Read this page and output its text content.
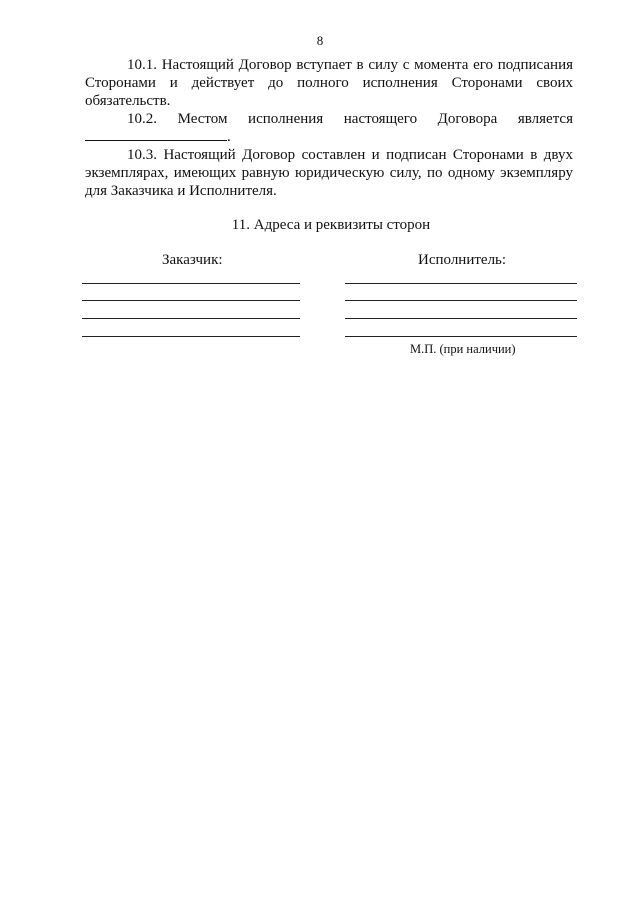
8

10.1. Настоящий Договор вступает в силу с момента его подписания Сторонами и действует до полного исполнения Сторонами своих обязательств.

10.2. Местом исполнения настоящего Договора является

.

10.3. Настоящий Договор составлен и подписан Сторонами в двух экземплярах, имеющих равную юридическую силу, по одному экземпляру для Заказчика и Исполнителя.

11. Адреса и реквизиты сторон
Заказчик:	Исполнитель:
М.П. (при наличии)
